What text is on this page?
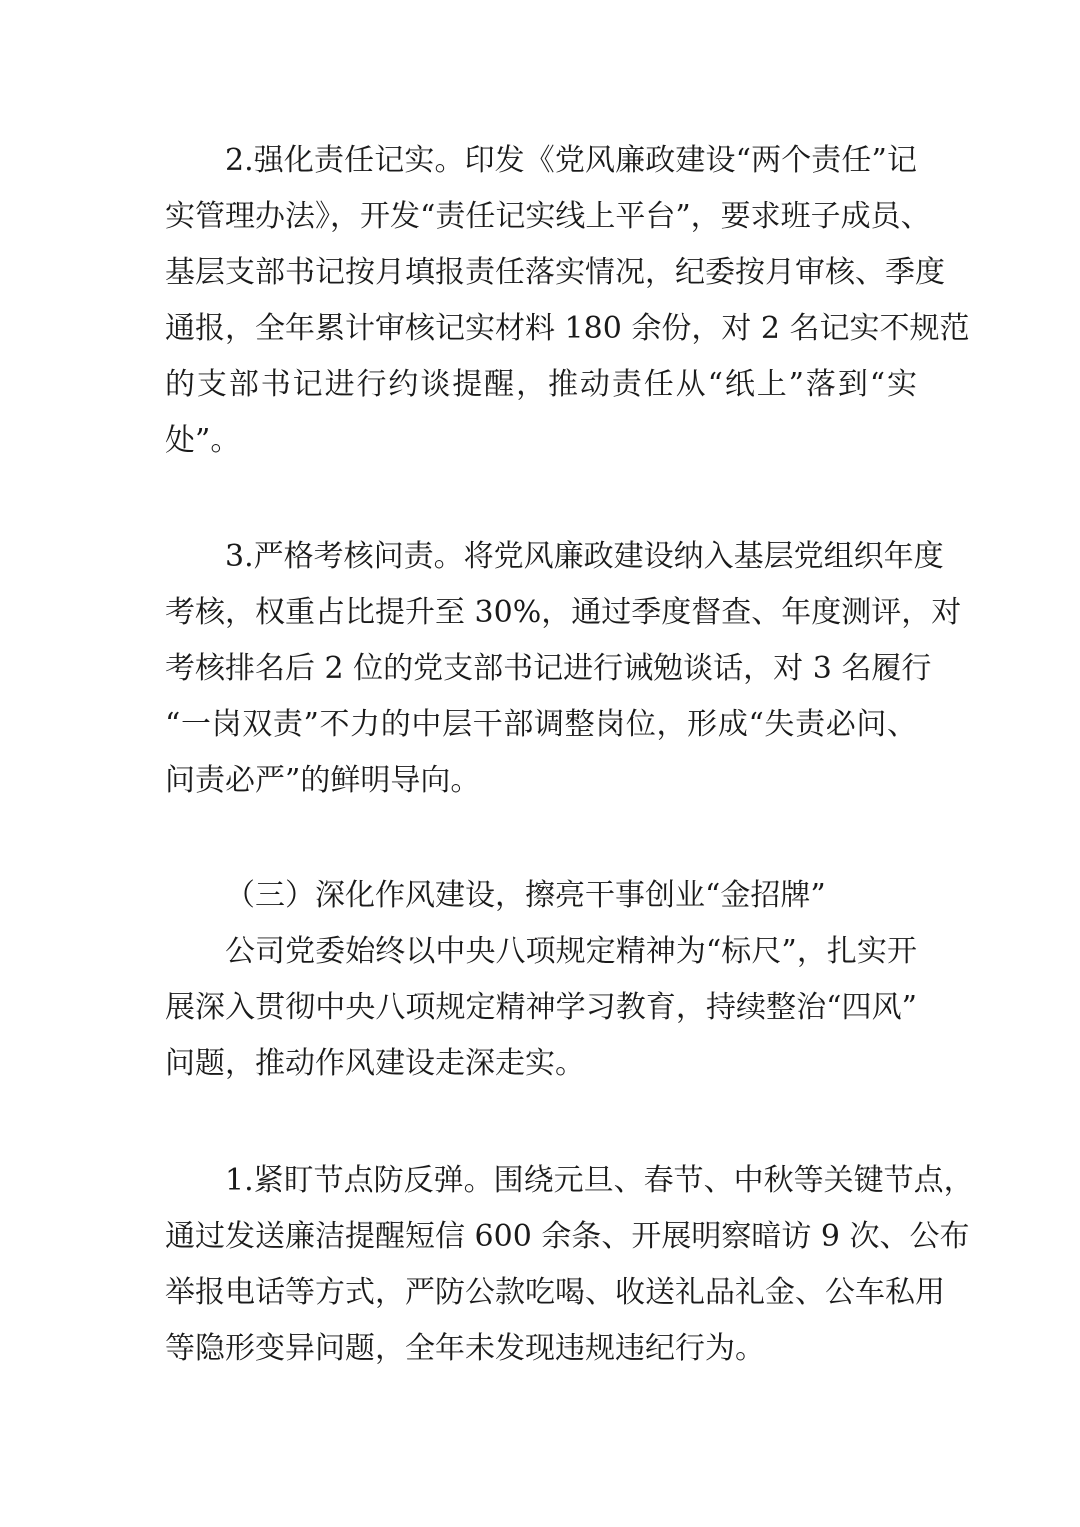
2.强化责任记实。印发《党风廉政建设“两个责任”记
实管理办法》，开发“责任记实线上平台”，要求班子成员、
基层支部书记按月填报责任落实情况，纪委按月审核、季度
通报，全年累计审核记实材料 180 余份，对 2 名记实不规范
的支部书记进行约谈提醒，推动责任从“纸上”落到“实
处”。
3.严格考核问责。将党风廉政建设纳入基层党组织年度
考核，权重占比提升至 30%，通过季度督查、年度测评，对
考核排名后 2 位的党支部书记进行诫勉谈话，对 3 名履行
“一岗双责”不力的中层干部调整岗位，形成“失责必问、
问责必严”的鲜明导向。
（三）深化作风建设，擦亮干事创业“金招牌”
公司党委始终以中央八项规定精神为“标尺”，扎实开
展深入贯彻中央八项规定精神学习教育，持续整治“四风”
问题，推动作风建设走深走实。
1.紧盯节点防反弹。围绕元旦、春节、中秋等关键节点，
通过发送廉洁提醒短信 600 余条、开展明察暗访 9 次、公布
举报电话等方式，严防公款吃喝、收送礼品礼金、公车私用
等隐形变异问题，全年未发现违规违纪行为。
